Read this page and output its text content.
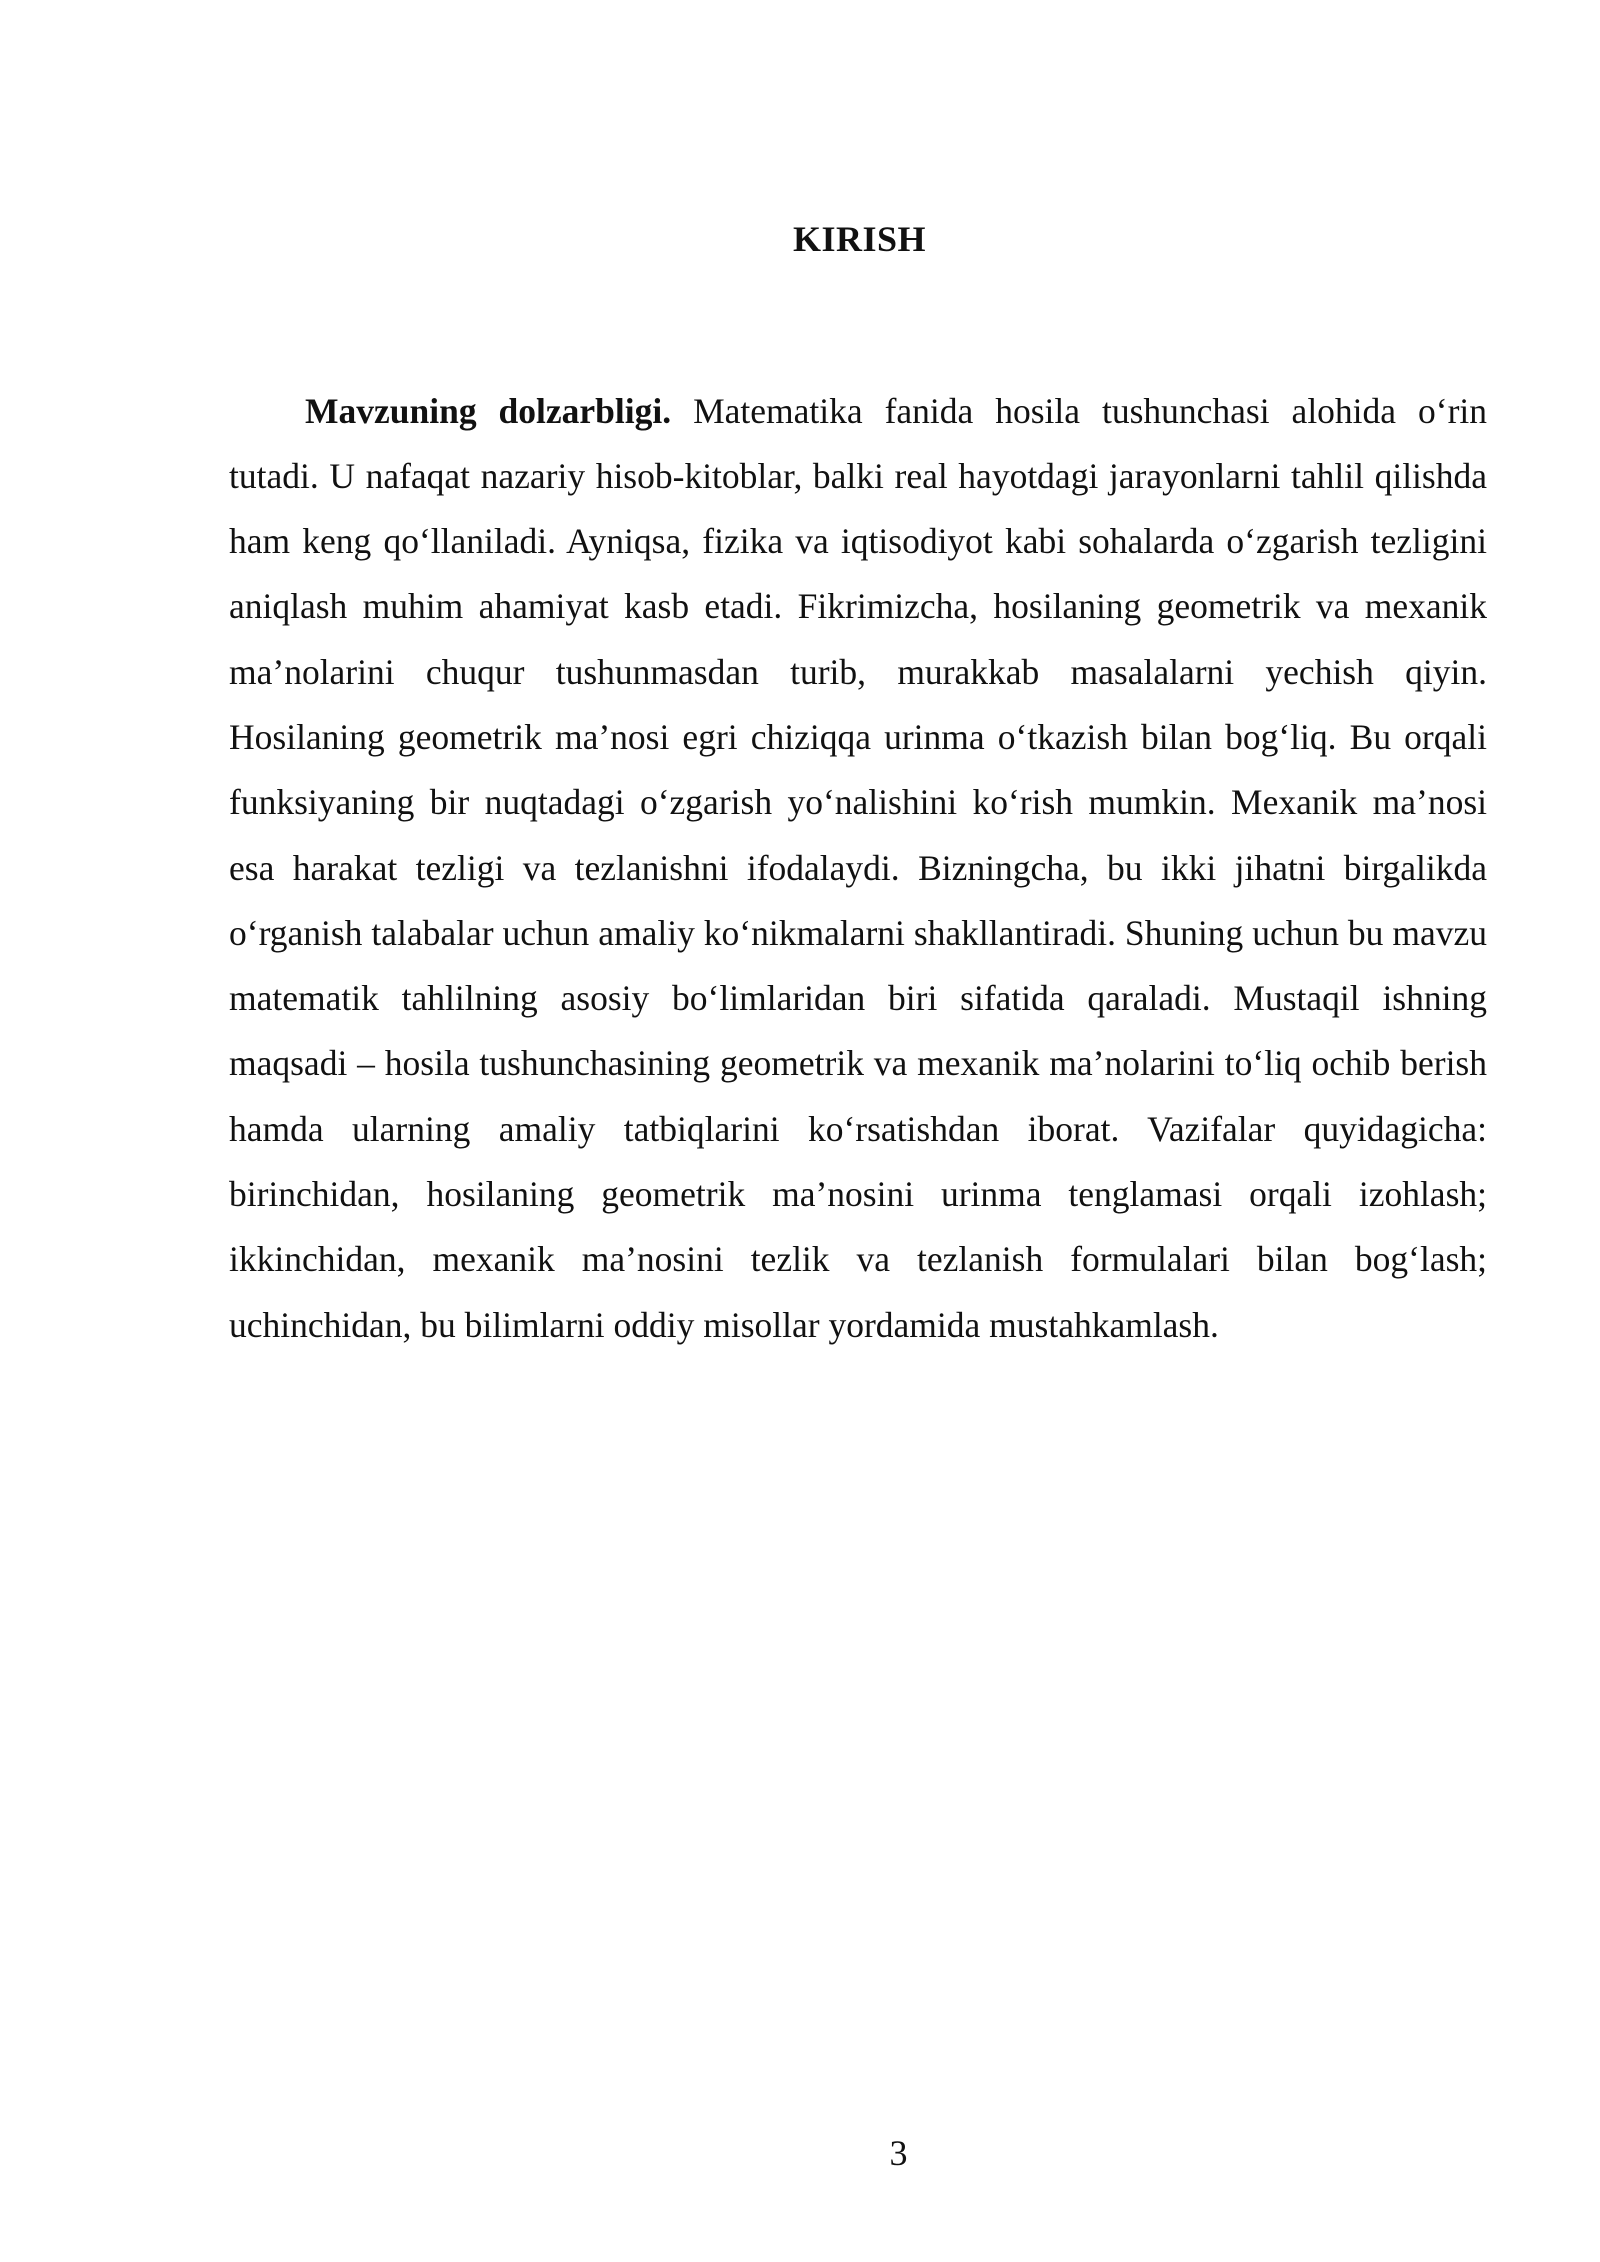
KIRISH

Mavzuning dolzarbligi. Matematika fanida hosila tushunchasi alohida o‘rin tutadi. U nafaqat nazariy hisob-kitoblar, balki real hayotdagi jarayonlarni tahlil qilishda ham keng qo‘llaniladi. Ayniqsa, fizika va iqtisodiyot kabi sohalarda o‘zgarish tezligini aniqlash muhim ahamiyat kasb etadi. Fikrimizcha, hosilaning geometrik va mexanik ma’nolarini chuqur tushunmasdan turib, murakkab masalalarni yechish qiyin. Hosilaning geometrik ma’nosi egri chiziqqa urinma o‘tkazish bilan bog‘liq. Bu orqali funksiyaning bir nuqtadagi o‘zgarish yo‘nalishini ko‘rish mumkin. Mexanik ma’nosi esa harakat tezligi va tezlanishni ifodalaydi. Bizningcha, bu ikki jihatni birgalikda o‘rganish talabalar uchun amaliy ko‘nikmalarni shakllantiradi. Shuning uchun bu mavzu matematik tahlilning asosiy bo‘limlaridan biri sifatida qaraladi. Mustaqil ishning maqsadi – hosila tushunchasining geometrik va mexanik ma’nolarini to‘liq ochib berish hamda ularning amaliy tatbiqlarini ko‘rsatishdan iborat. Vazifalar quyidagicha: birinchidan, hosilaning geometrik ma’nosini urinma tenglamasi orqali izohlash; ikkinchidan, mexanik ma’nosini tezlik va tezlanish formulalari bilan bog‘lash; uchinchidan, bu bilimlarni oddiy misollar yordamida mustahkamlash.

3
